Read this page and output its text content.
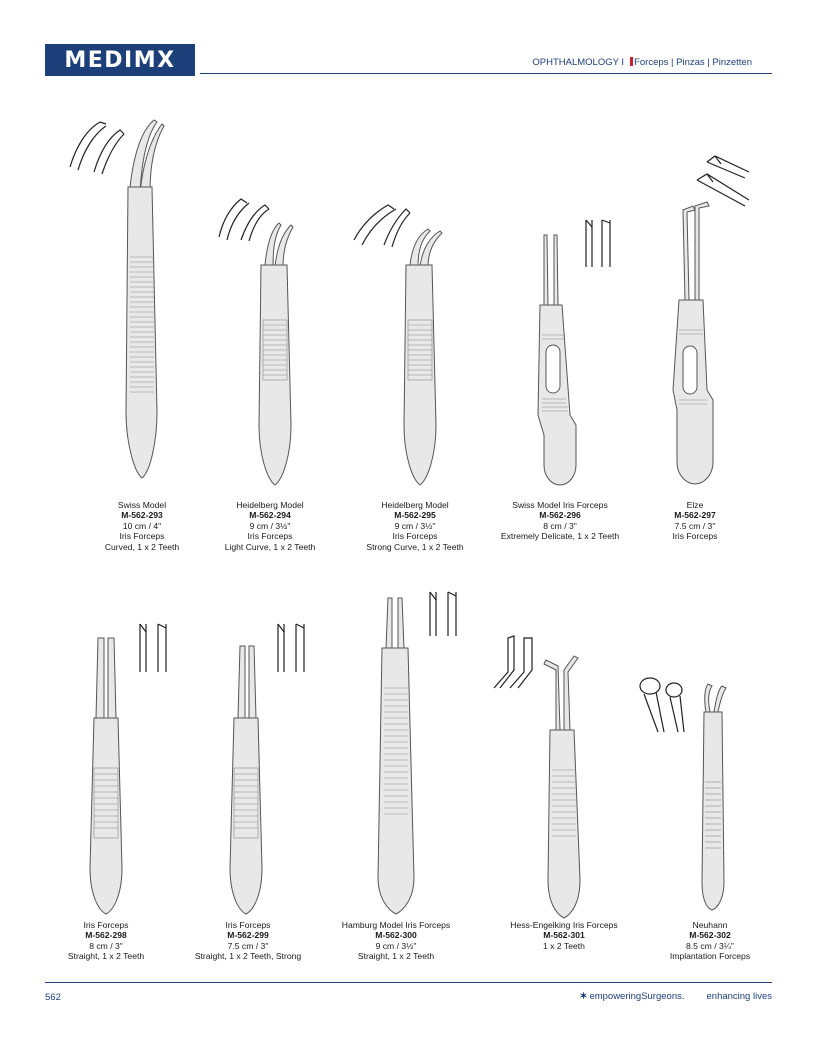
MEDIMX	OPHTHALMOLOGY I Forceps | Pinzas | Pinzetten
Swiss Model
M-562-293
10 cm / 4"
Iris Forceps
Curved, 1 x 2 Teeth
Heidelberg Model
M-562-294
9 cm / 3½"
Iris Forceps
Light Curve, 1 x 2 Teeth
Heidelberg Model
M-562-295
9 cm / 3½"
Iris Forceps
Strong Curve, 1 x 2 Teeth
Swiss Model Iris Forceps
M-562-296
8 cm / 3"
Extremely Delicate, 1 x 2 Teeth
Elze
M-562-297
7.5 cm / 3"
Iris Forceps
Iris Forceps
M-562-298
8 cm / 3"
Straight, 1 x 2 Teeth
Iris Forceps
M-562-299
7.5 cm / 3"
Straight, 1 x 2 Teeth, Strong
Hamburg Model Iris Forceps
M-562-300
9 cm / 3½"
Straight, 1 x 2 Teeth
Hess-Engelking Iris Forceps
M-562-301
1 x 2 Teeth
Neuhann
M-562-302
8.5 cm / 3¼"
Implantation Forceps
562	✶ empoweringSurgeons. enhancing lives
